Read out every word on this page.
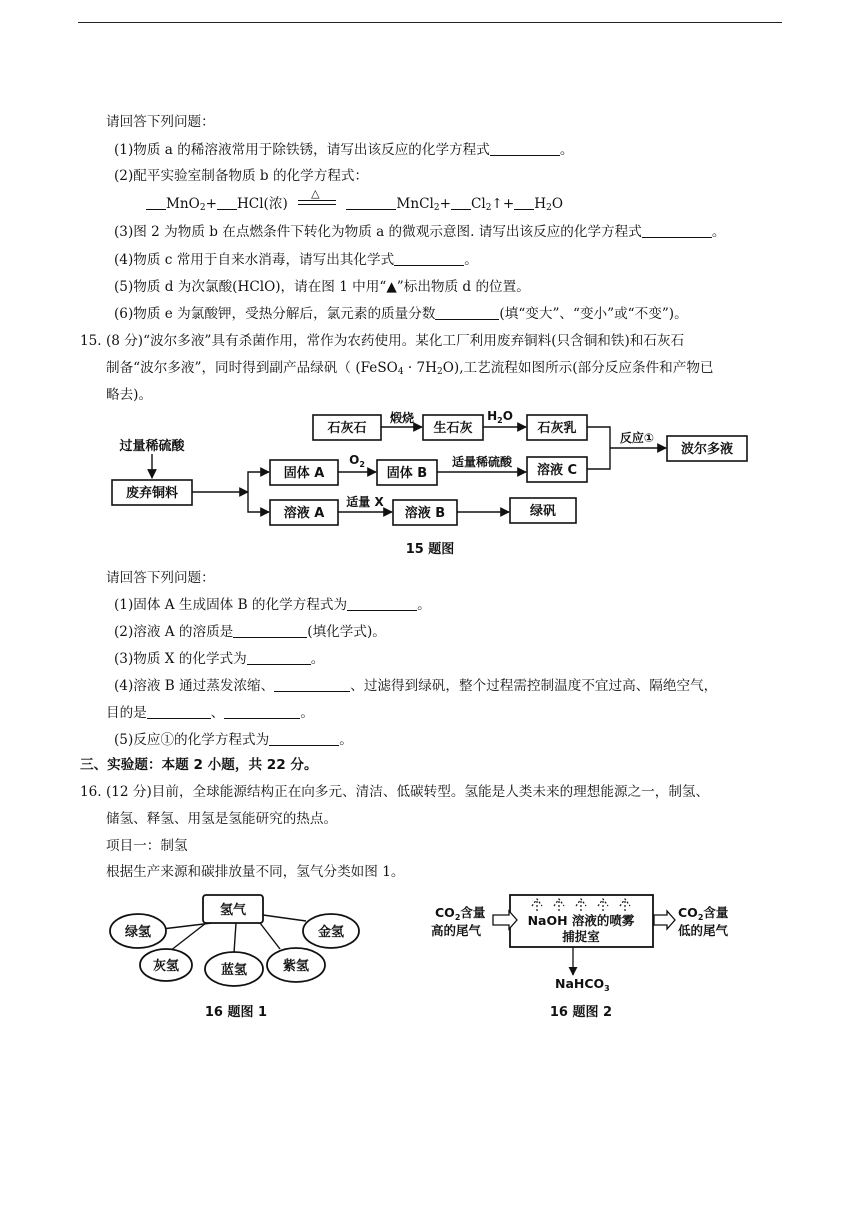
请回答下列问题：
(1)物质 a 的稀溶液常用于除铁锈，请写出该反应的化学方程式	。
(2)配平实验室制备物质 b 的化学方程式：
MnO$_2$+ HCl(浓)
△
MnCl$_2$+ $Cl_2↑+ H_2O$
(3)图 2 为物质 b 在点燃条件下转化为物质 a 的微观示意图. 请写出该反应的化学方程式	。
(4)物质 c 常用于自来水消毒，请写出其化学式	。
(5)物质 d 为次氯酸(HClO)，请在图 1 中用“▲”标出物质 d 的位置。
(6)物质 e 为氯酸钾，受热分解后，氯元素的质量分数	(填“变大”、“变小”或“不变”)。
15. (8 分)“波尔多液”具有杀菌作用，常作为农药使用。某化工厂利用废弃铜料(只含铜和铁)和石灰石
制备“波尔多液”，同时得到副产品绿矾（ (FeSO$_4$ · $7H_2O$),工艺流程如图所示(部分反应条件和产物已
略去)。
石灰石
煅烧
生石灰
$H_2O$
石灰乳
反应①
波尔多液
过量稀硫酸
废弃铜料
固体 A
$O_2$
固体 B
适量稀硫酸
溶液 C
溶液 A
适量 X
溶液 B	绿矾
15 题图
请回答下列问题：
(1)固体 A 生成固体 B 的化学方程式为	。
(2)溶液 A 的溶质是	(填化学式)。
(3)物质 X 的化学式为	。
(4)溶液 B 通过蒸发浓缩、	、过滤得到绿矾，整个过程需控制温度不宜过高、隔绝空气，
目的是	、	。
(5)反应①的化学方程式为	。
三、实验题：本题 2 小题，共 22 分。
16. (12 分)目前，全球能源结构正在向多元、清洁、低碳转型。氢能是人类未来的理想能源之一，制氢、
储氢、释氢、用氢是氢能研究的热点。
项目一：制氢
根据生产来源和碳排放量不同，氢气分类如图 1。
氢气
绿氢	金氢
灰氢	蓝氢	紫氢
16 题图 1
$CO_2$含量
高的尾气
NaOH 溶液的喷雾
捕捉室
$CO_2$含量
低的尾气
NaHCO$_3$
16 题图 2
